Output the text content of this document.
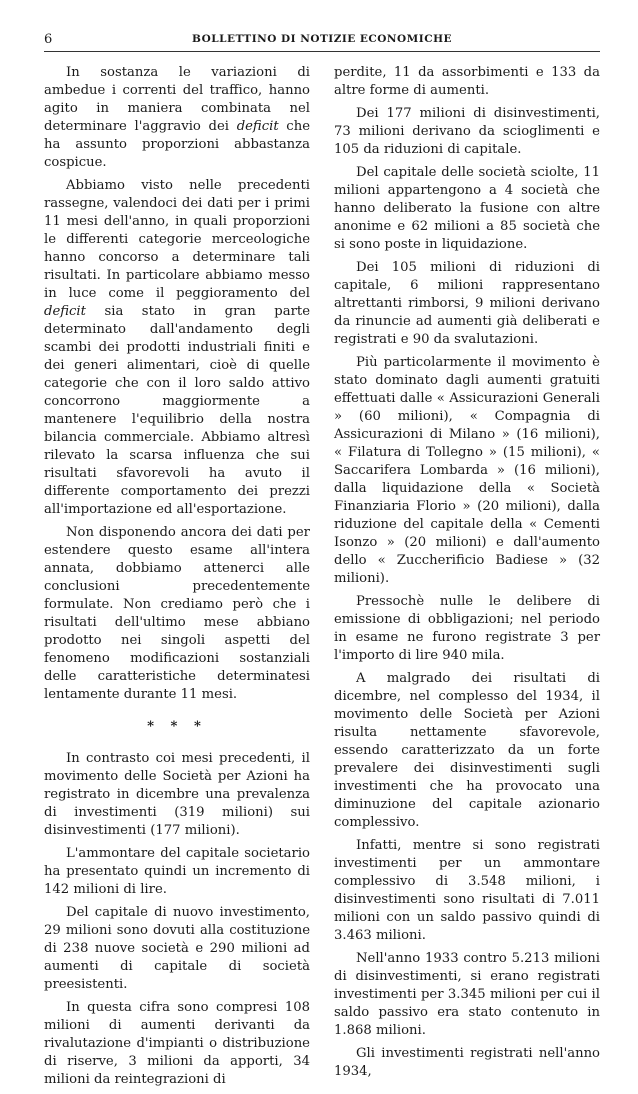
6	BOLLETTINO DI NOTIZIE ECONOMICHE

In sostanza le variazioni di ambedue i correnti del traffico, hanno agito in maniera combinata nel determinare l'aggravio dei deficit che ha assunto proporzioni abbastanza cospicue.

Abbiamo visto nelle precedenti rassegne, valendoci dei dati per i primi 11 mesi dell'anno, in quali proporzioni le differenti categorie merceologiche hanno concorso a determinare tali risultati. In particolare abbiamo messo in luce come il peggioramento del deficit sia stato in gran parte determinato dall'andamento degli scambi dei prodotti industriali finiti e dei generi alimentari, cioè di quelle categorie che con il loro saldo attivo concorrono maggiormente a mantenere l'equilibrio della nostra bilancia commerciale. Abbiamo altresì rilevato la scarsa influenza che sui risultati sfavorevoli ha avuto il differente comportamento dei prezzi all'importazione ed all'esportazione.

Non disponendo ancora dei dati per estendere questo esame all'intera annata, dobbiamo attenerci alle conclusioni precedentemente formulate. Non crediamo però che i risultati dell'ultimo mese abbiano prodotto nei singoli aspetti del fenomeno modificazioni sostanziali delle caratteristiche determinatesi lentamente durante 11 mesi.

* * *

In contrasto coi mesi precedenti, il movimento delle Società per Azioni ha registrato in dicembre una prevalenza di investimenti (319 milioni) sui disinvestimenti (177 milioni).

L'ammontare del capitale societario ha presentato quindi un incremento di 142 milioni di lire.

Del capitale di nuovo investimento, 29 milioni sono dovuti alla costituzione di 238 nuove società e 290 milioni ad aumenti di capitale di società preesistenti.

In questa cifra sono compresi 108 milioni di aumenti derivanti da rivalutazione d'impianti o distribuzione di riserve, 3 milioni da apporti, 34 milioni da reintegrazioni di

perdite, 11 da assorbimenti e 133 da altre forme di aumenti.

Dei 177 milioni di disinvestimenti, 73 milioni derivano da scioglimenti e 105 da riduzioni di capitale.

Del capitale delle società sciolte, 11 milioni appartengono a 4 società che hanno deliberato la fusione con altre anonime e 62 milioni a 85 società che si sono poste in liquidazione.

Dei 105 milioni di riduzioni di capitale, 6 milioni rappresentano altrettanti rimborsi, 9 milioni derivano da rinuncie ad aumenti già deliberati e registrati e 90 da svalutazioni.

Più particolarmente il movimento è stato dominato dagli aumenti gratuiti effettuati dalle « Assicurazioni Generali » (60 milioni), « Compagnia di Assicurazioni di Milano » (16 milioni), « Filatura di Tollegno » (15 milioni), « Saccarifera Lombarda » (16 milioni), dalla liquidazione della « Società Finanziaria Florio » (20 milioni), dalla riduzione del capitale della « Cementi Isonzo » (20 milioni) e dall'aumento dello « Zuccherificio Badiese » (32 milioni).

Pressochè nulle le delibere di emissione di obbligazioni; nel periodo in esame ne furono registrate 3 per l'importo di lire 940 mila.

A malgrado dei risultati di dicembre, nel complesso del 1934, il movimento delle Società per Azioni risulta nettamente sfavorevole, essendo caratterizzato da un forte prevalere dei disinvestimenti sugli investimenti che ha provocato una diminuzione del capitale azionario complessivo.

Infatti, mentre si sono registrati investimenti per un ammontare complessivo di 3.548 milioni, i disinvestimenti sono risultati di 7.011 milioni con un saldo passivo quindi di 3.463 milioni.

Nell'anno 1933 contro 5.213 milioni di disinvestimenti, si erano registrati investimenti per 3.345 milioni per cui il saldo passivo era stato contenuto in 1.868 milioni.

Gli investimenti registrati nell'anno 1934,
